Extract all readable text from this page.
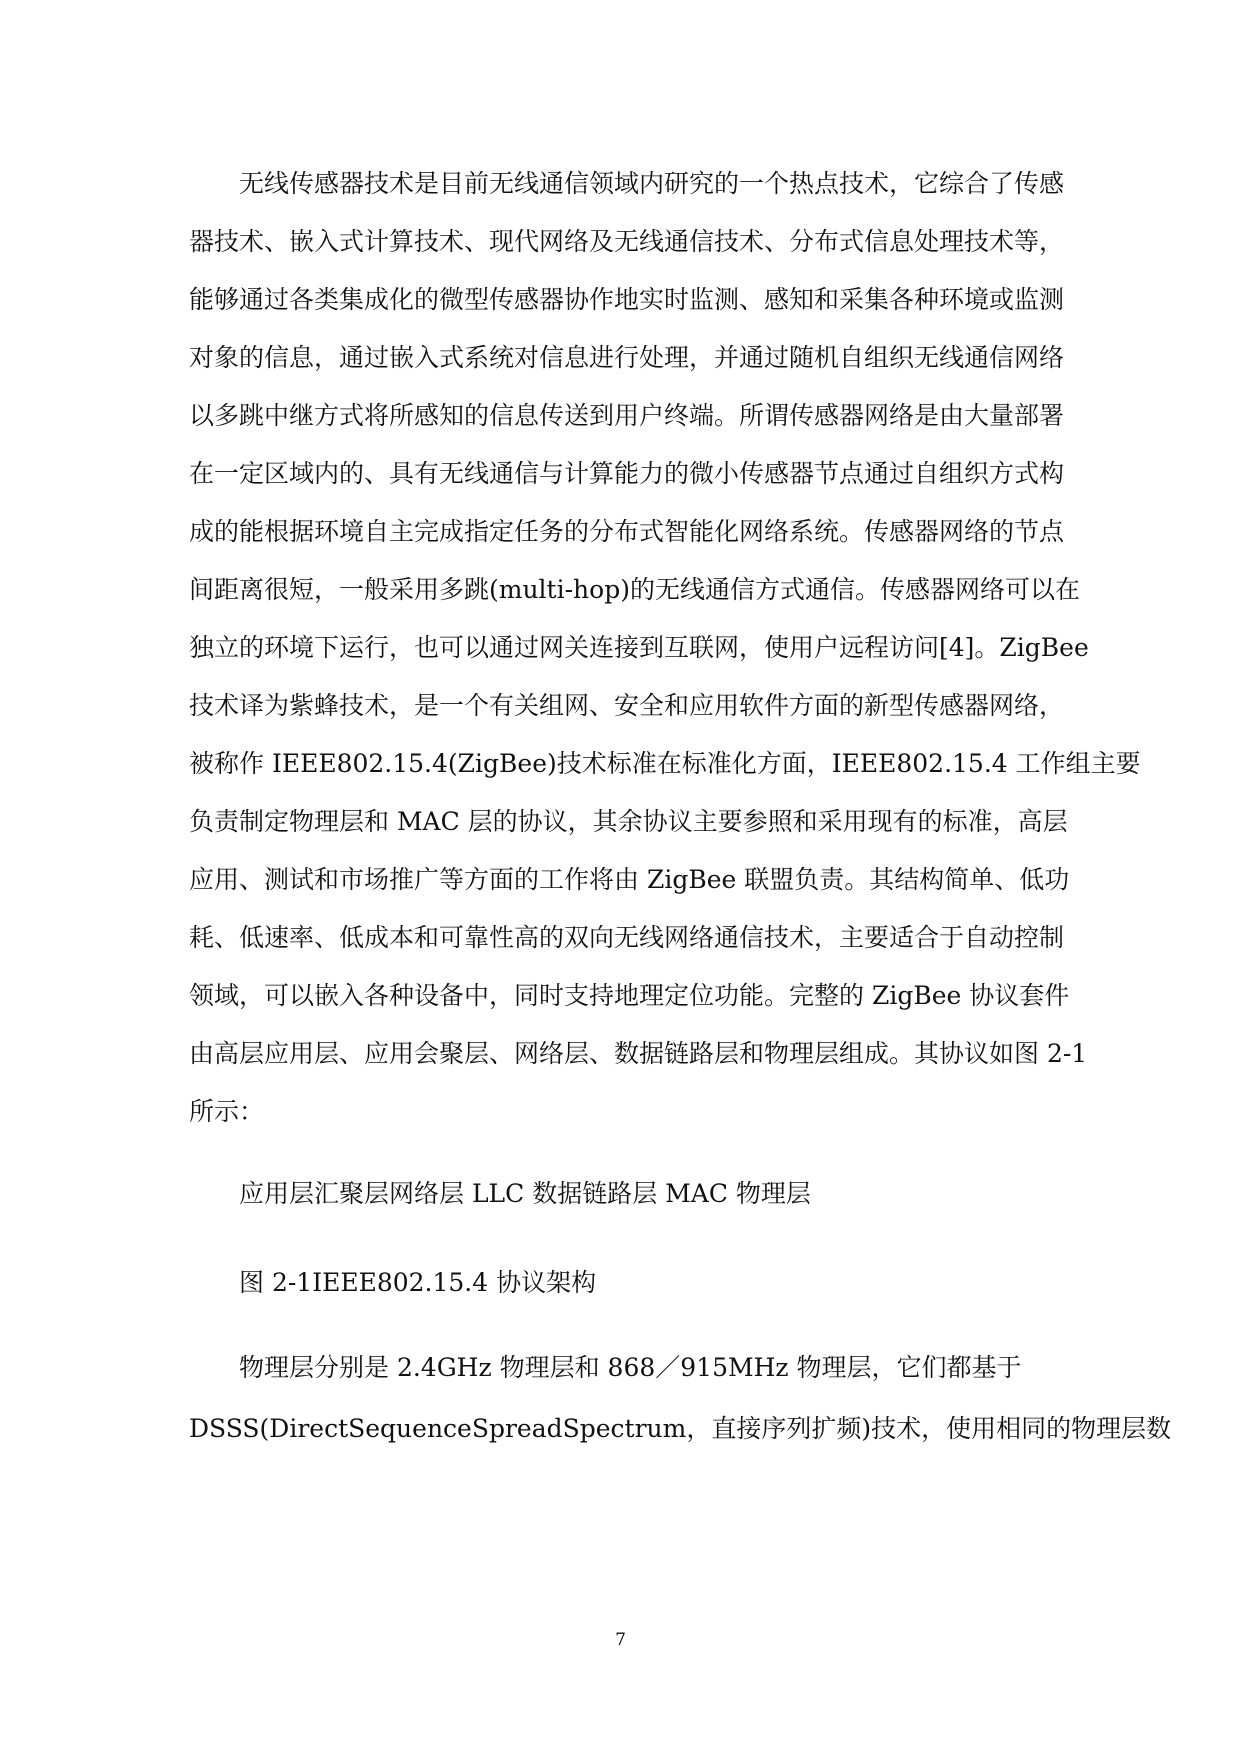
无线传感器技术是目前无线通信领域内研究的一个热点技术，它综合了传感
器技术、嵌入式计算技术、现代网络及无线通信技术、分布式信息处理技术等，
能够通过各类集成化的微型传感器协作地实时监测、感知和采集各种环境或监测
对象的信息，通过嵌入式系统对信息进行处理，并通过随机自组织无线通信网络
以多跳中继方式将所感知的信息传送到用户终端。所谓传感器网络是由大量部署
在一定区域内的、具有无线通信与计算能力的微小传感器节点通过自组织方式构
成的能根据环境自主完成指定任务的分布式智能化网络系统。传感器网络的节点
间距离很短，一般采用多跳(multi-hop)的无线通信方式通信。传感器网络可以在
独立的环境下运行，也可以通过网关连接到互联网，使用户远程访问[4]。ZigBee
技术译为紫蜂技术，是一个有关组网、安全和应用软件方面的新型传感器网络，
被称作 IEEE802.15.4(ZigBee)技术标准在标准化方面，IEEE802.15.4 工作组主要
负责制定物理层和 MAC 层的协议，其余协议主要参照和采用现有的标准，高层
应用、测试和市场推广等方面的工作将由 ZigBee 联盟负责。其结构简单、低功
耗、低速率、低成本和可靠性高的双向无线网络通信技术，主要适合于自动控制
领域，可以嵌入各种设备中，同时支持地理定位功能。完整的 ZigBee 协议套件
由高层应用层、应用会聚层、网络层、数据链路层和物理层组成。其协议如图 2-1
所示：
应用层汇聚层网络层 LLC 数据链路层 MAC 物理层
图 2-1IEEE802.15.4 协议架构
物理层分别是 2.4GHz 物理层和 868／915MHz 物理层，它们都基于
DSSS(DirectSequenceSpreadSpectrum，直接序列扩频)技术，使用相同的物理层数
7
